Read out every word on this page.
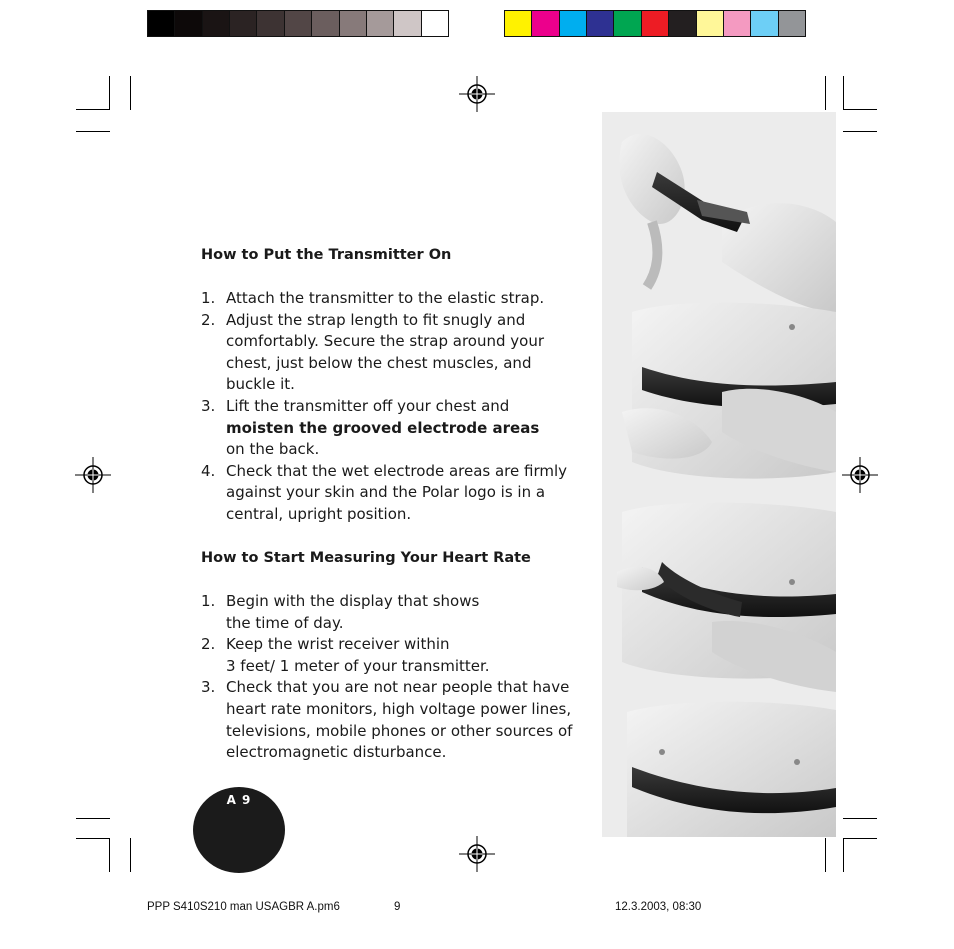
How to Put the Transmitter On
1. Attach the transmitter to the elastic strap.
2. Adjust the strap length to fit snugly and
comfortably. Secure the strap around your
chest, just below the chest muscles, and
buckle it.
3. Lift the transmitter off your chest and
moisten the grooved electrode areas
on the back.
4. Check that the wet electrode areas are firmly
against your skin and the Polar logo is in a
central, upright position.
How to Start Measuring Your Heart Rate
1. Begin with the display that shows
the time of day.
2. Keep the wrist receiver within
3 feet/ 1 meter of your transmitter.
3. Check that you are not near people that have
heart rate monitors, high voltage power lines,
televisions, mobile phones or other sources of
electromagnetic disturbance.
A 9
PPP S410S210 man USAGBR A.pm6	9	12.3.2003, 08:30
